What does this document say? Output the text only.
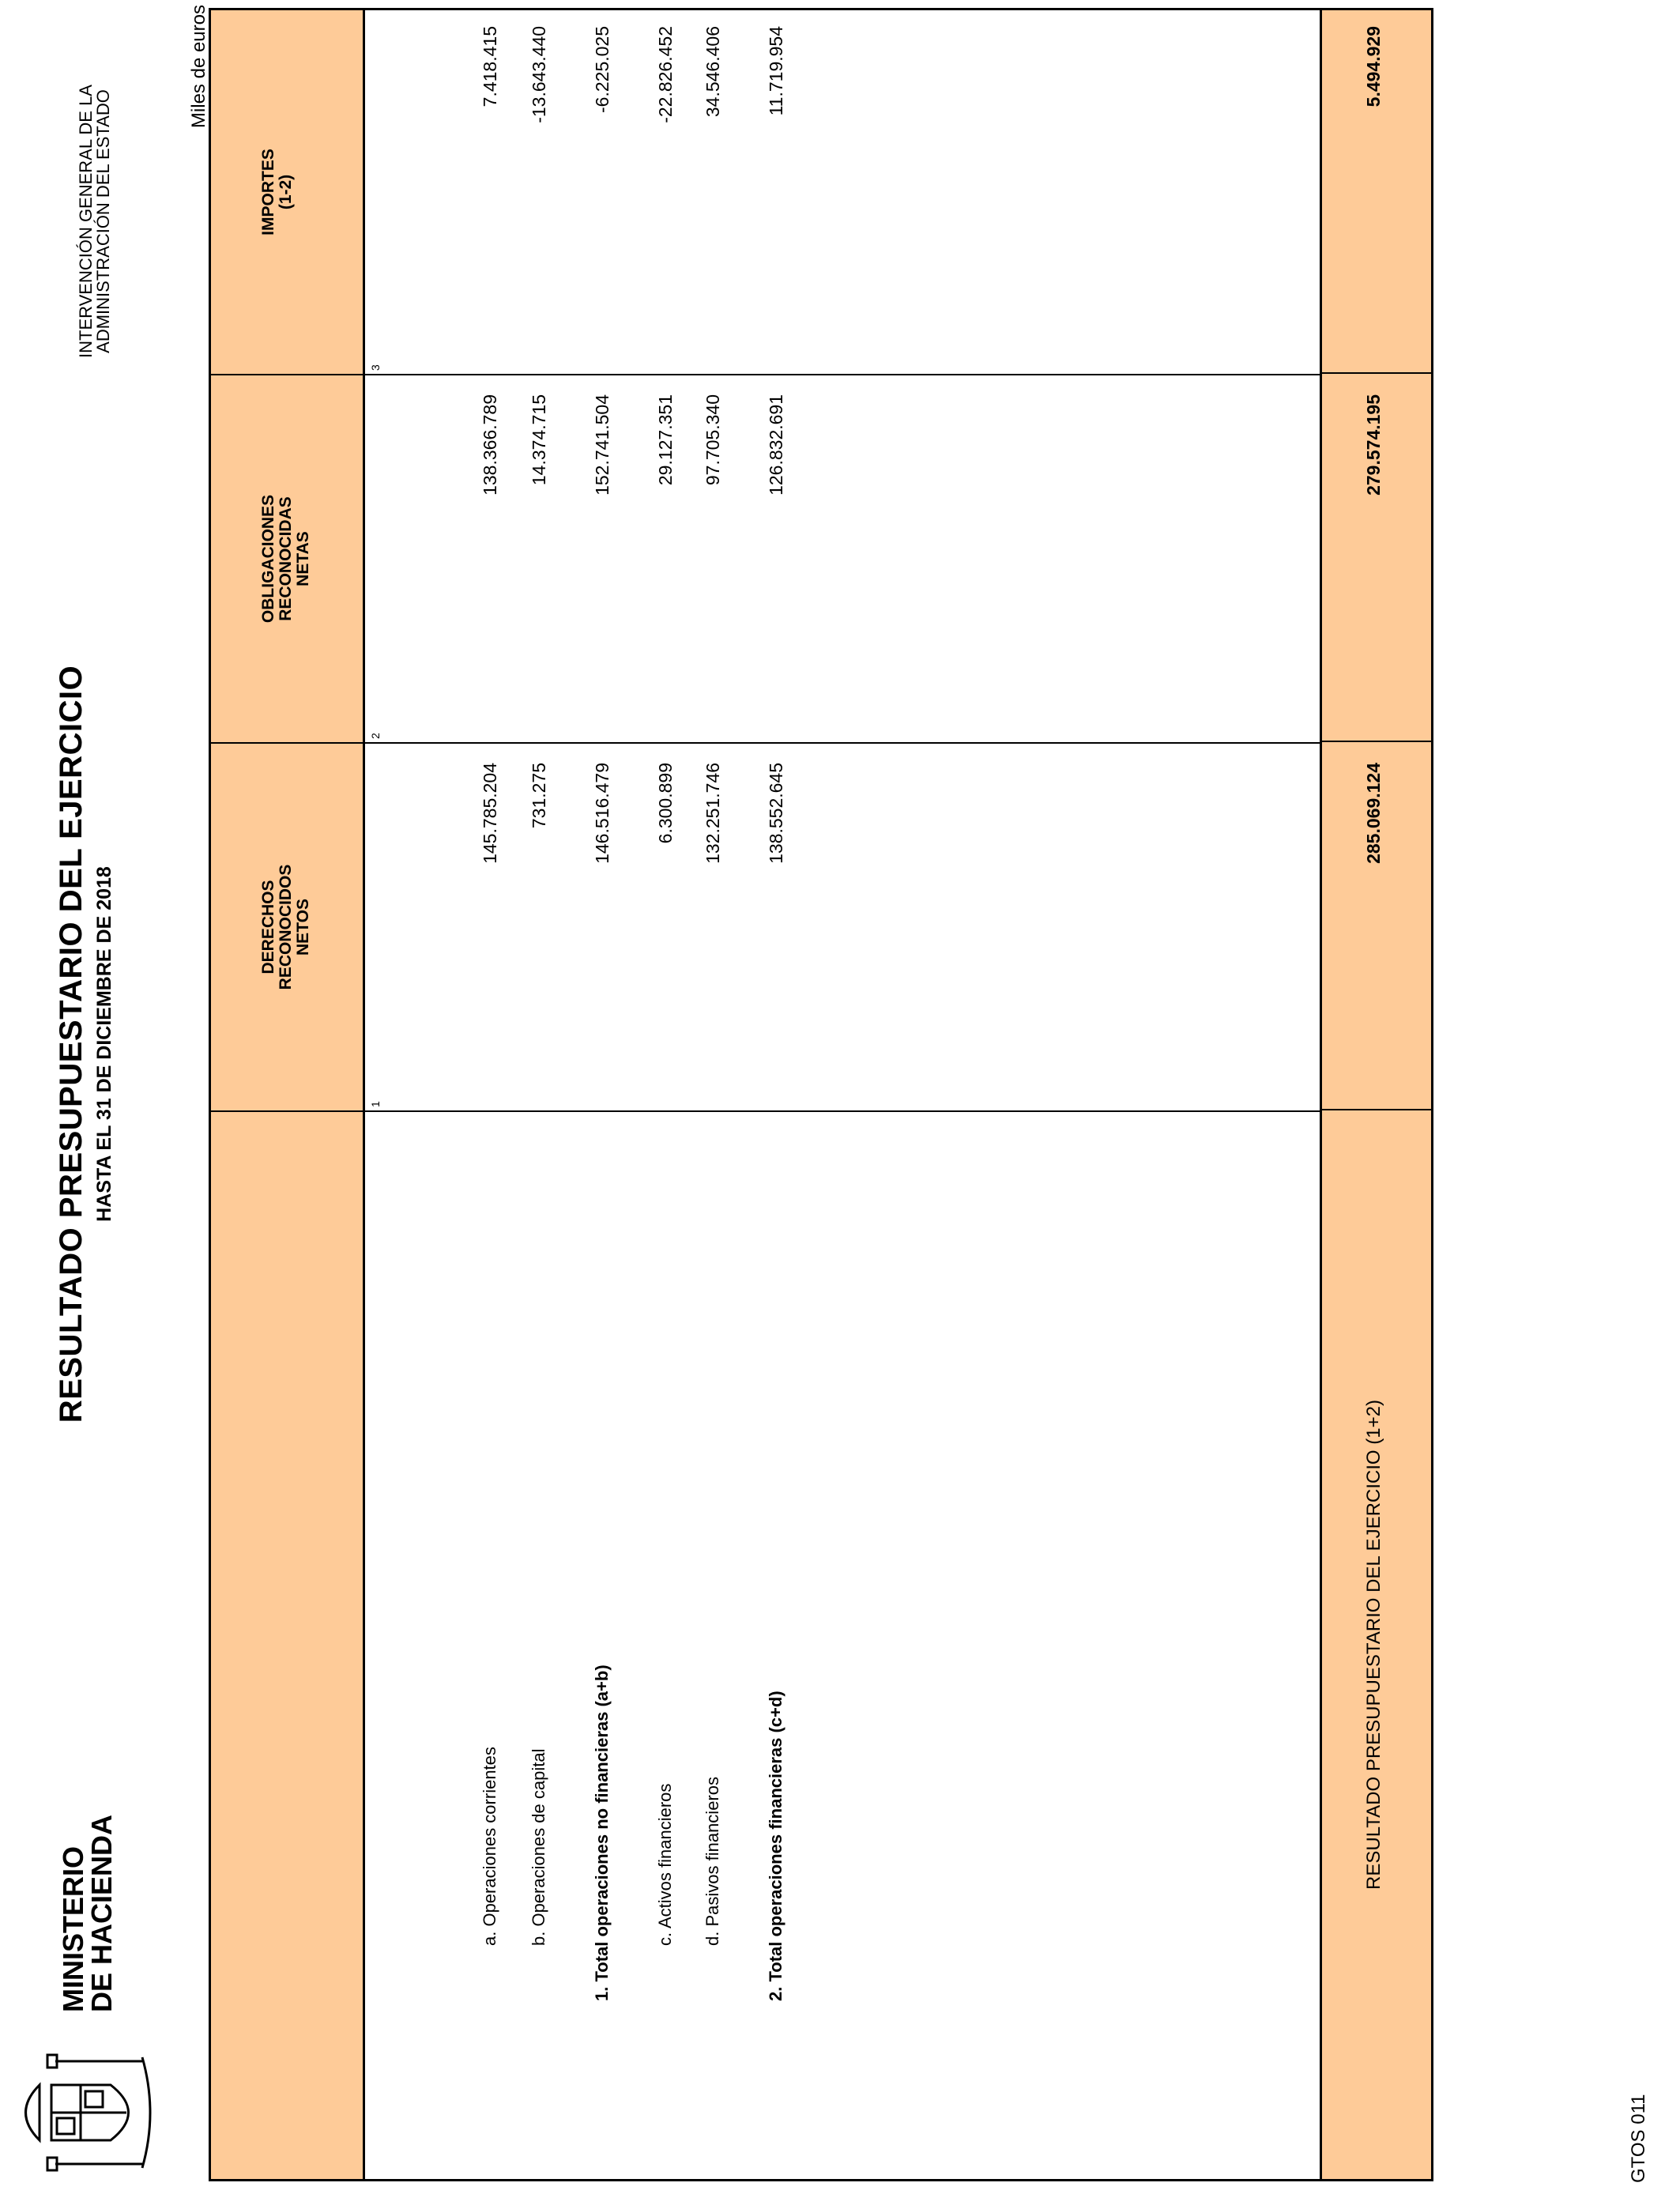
MINISTERIO
DE HACIENDA
RESULTADO PRESUPUESTARIO DEL EJERCICIO HASTA EL 31 DE DICIEMBRE DE 2018
INTERVENCIÓN GENERAL DE LA
ADMINISTRACIÓN DEL ESTADO
Miles de euros
DERECHOS RECONOCIDOS NETOS
OBLIGACIONES RECONOCIDAS NETAS
IMPORTES (1-2)
1
2
3
a. Operaciones corrientes
145.785.204
138.366.789
7.418.415
b. Operaciones de capital
731.275
14.374.715
-13.643.440
1. Total operaciones no financieras (a+b)
146.516.479
152.741.504
-6.225.025
c. Activos financieros
6.300.899
29.127.351
-22.826.452
d. Pasivos financieros
132.251.746
97.705.340
34.546.406
2. Total operaciones financieras (c+d)
138.552.645
126.832.691
11.719.954
RESULTADO PRESUPUESTARIO DEL EJERCICIO (1+2)
285.069.124
279.574.195
5.494.929
GTOS 011
